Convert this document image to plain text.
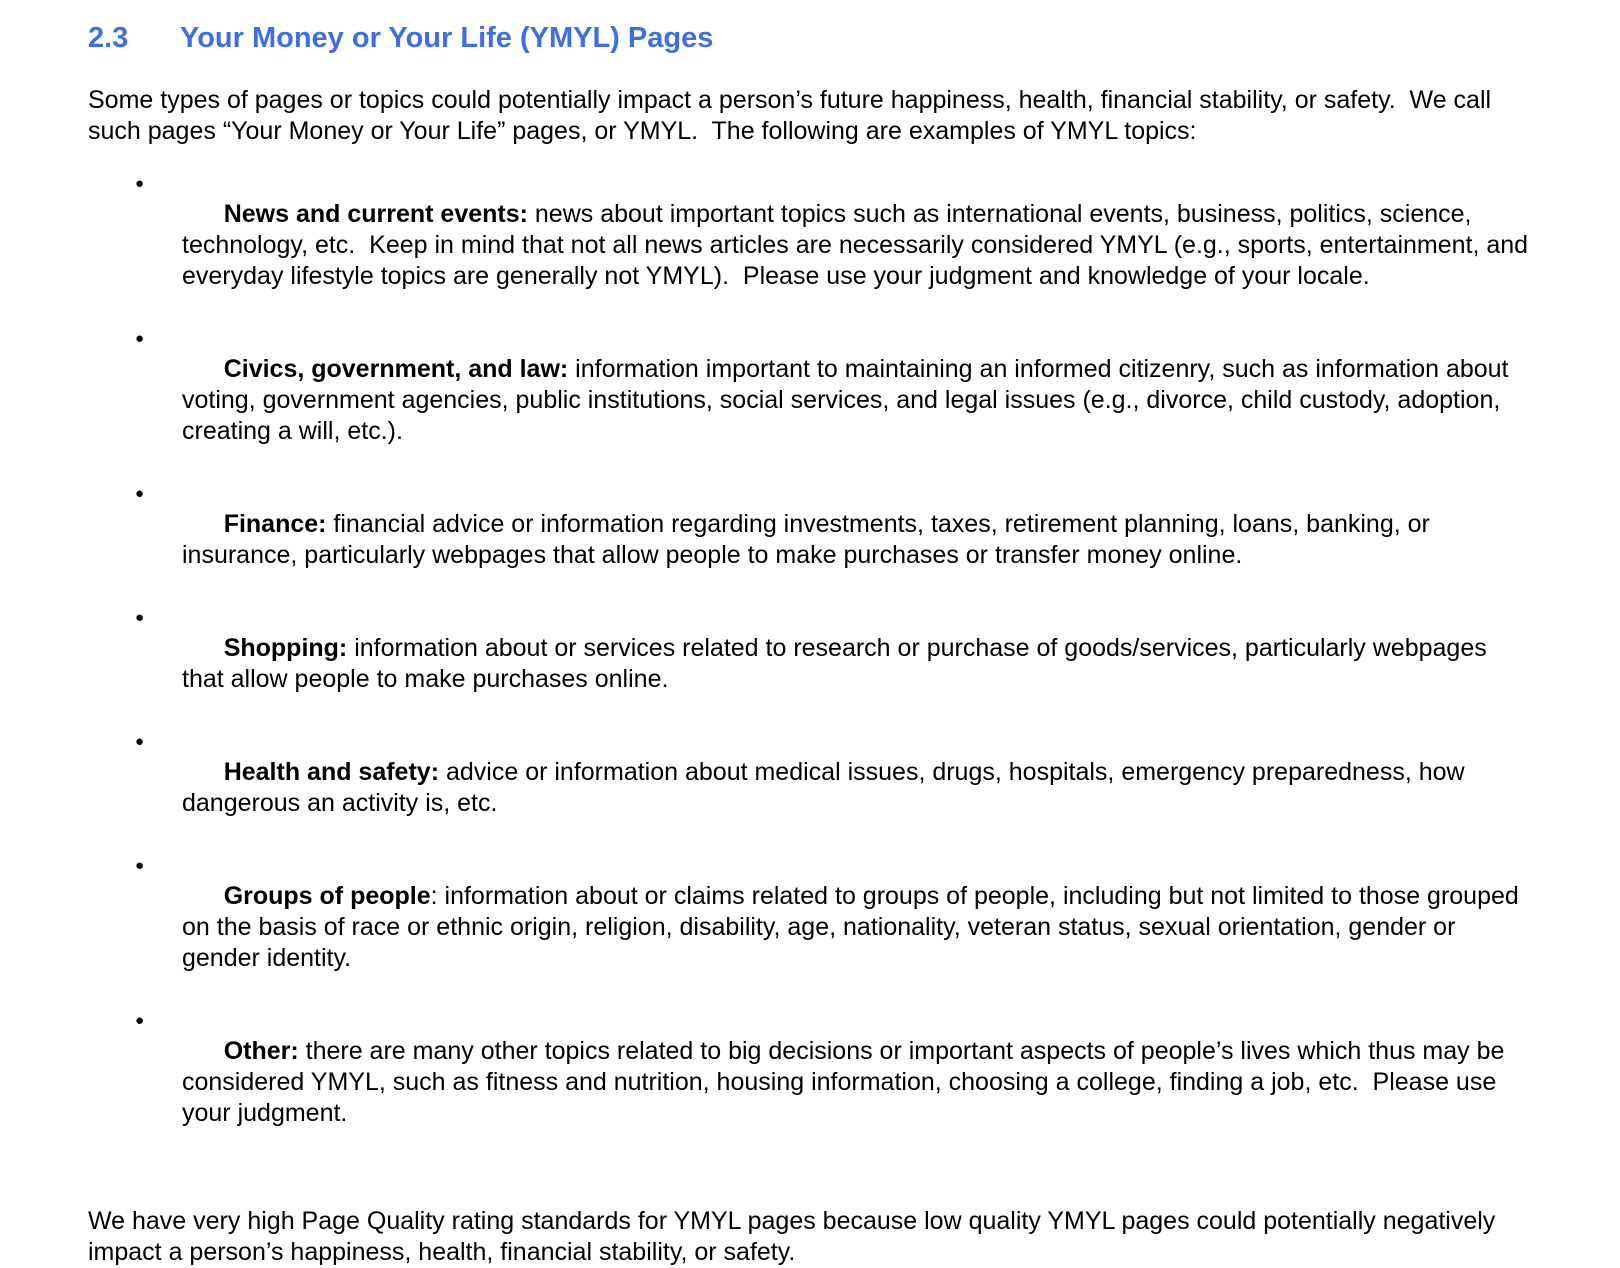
2.3	Your Money or Your Life (YMYL) Pages

Some types of pages or topics could potentially impact a person’s future happiness, health, financial stability, or safety.  We call such pages “Your Money or Your Life” pages, or YMYL.  The following are examples of YMYL topics:

●
News and current events: news about important topics such as international events, business, politics, science, technology, etc.  Keep in mind that not all news articles are necessarily considered YMYL (e.g., sports, entertainment, and everyday lifestyle topics are generally not YMYL).  Please use your judgment and knowledge of your locale.

●
Civics, government, and law: information important to maintaining an informed citizenry, such as information about voting, government agencies, public institutions, social services, and legal issues (e.g., divorce, child custody, adoption, creating a will, etc.).

●
Finance: financial advice or information regarding investments, taxes, retirement planning, loans, banking, or insurance, particularly webpages that allow people to make purchases or transfer money online.

●
Shopping: information about or services related to research or purchase of goods/services, particularly webpages that allow people to make purchases online.

●
Health and safety: advice or information about medical issues, drugs, hospitals, emergency preparedness, how dangerous an activity is, etc.

●
Groups of people: information about or claims related to groups of people, including but not limited to those grouped on the basis of race or ethnic origin, religion, disability, age, nationality, veteran status, sexual orientation, gender or gender identity.

●
Other: there are many other topics related to big decisions or important aspects of people’s lives which thus may be considered YMYL, such as fitness and nutrition, housing information, choosing a college, finding a job, etc.  Please use your judgment.

We have very high Page Quality rating standards for YMYL pages because low quality YMYL pages could potentially negatively impact a person’s happiness, health, financial stability, or safety.
